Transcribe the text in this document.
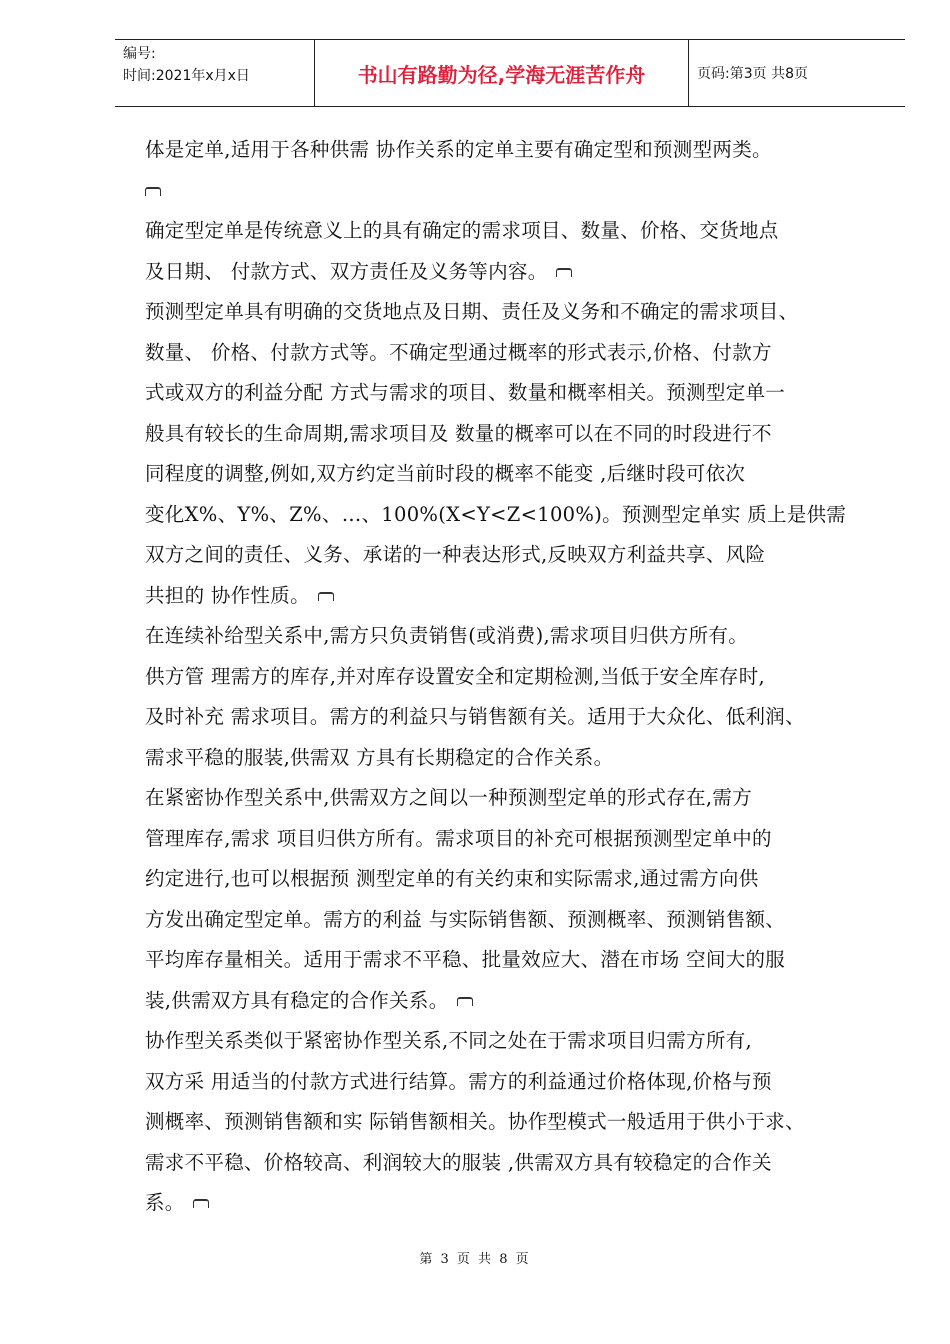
编号:
时间:2021年x月x日	书山有路勤为径,学海无涯苦作舟	页码:第3页 共8页
体是定单,适用于各种供需 协作关系的定单主要有确定型和预测型两类。
确定型定单是传统意义上的具有确定的需求项目、数量、价格、交货地点
及日期、 付款方式、双方责任及义务等内容。
预测型定单具有明确的交货地点及日期、责任及义务和不确定的需求项目、
数量、 价格、付款方式等。不确定型通过概率的形式表示,价格、付款方
式或双方的利益分配 方式与需求的项目、数量和概率相关。预测型定单一
般具有较长的生命周期,需求项目及 数量的概率可以在不同的时段进行不
同程度的调整,例如,双方约定当前时段的概率不能变 ,后继时段可依次
变化X%、Y%、Z%、…、100%(X<Y<Z<100%)。预测型定单实 质上是供需
双方之间的责任、义务、承诺的一种表达形式,反映双方利益共享、风险
共担的 协作性质。
在连续补给型关系中,需方只负责销售(或消费),需求项目归供方所有。
供方管 理需方的库存,并对库存设置安全和定期检测,当低于安全库存时,
及时补充 需求项目。需方的利益只与销售额有关。适用于大众化、低利润、
需求平稳的服装,供需双 方具有长期稳定的合作关系。
在紧密协作型关系中,供需双方之间以一种预测型定单的形式存在,需方
管理库存,需求 项目归供方所有。需求项目的补充可根据预测型定单中的
约定进行,也可以根据预 测型定单的有关约束和实际需求,通过需方向供
方发出确定型定单。需方的利益 与实际销售额、预测概率、预测销售额、
平均库存量相关。适用于需求不平稳、批量效应大、潜在市场 空间大的服
装,供需双方具有稳定的合作关系。
协作型关系类似于紧密协作型关系,不同之处在于需求项目归需方所有,
双方采 用适当的付款方式进行结算。需方的利益通过价格体现,价格与预
测概率、预测销售额和实 际销售额相关。协作型模式一般适用于供小于求、
需求不平稳、价格较高、利润较大的服装 ,供需双方具有较稳定的合作关
系。
第 3 页 共 8 页
